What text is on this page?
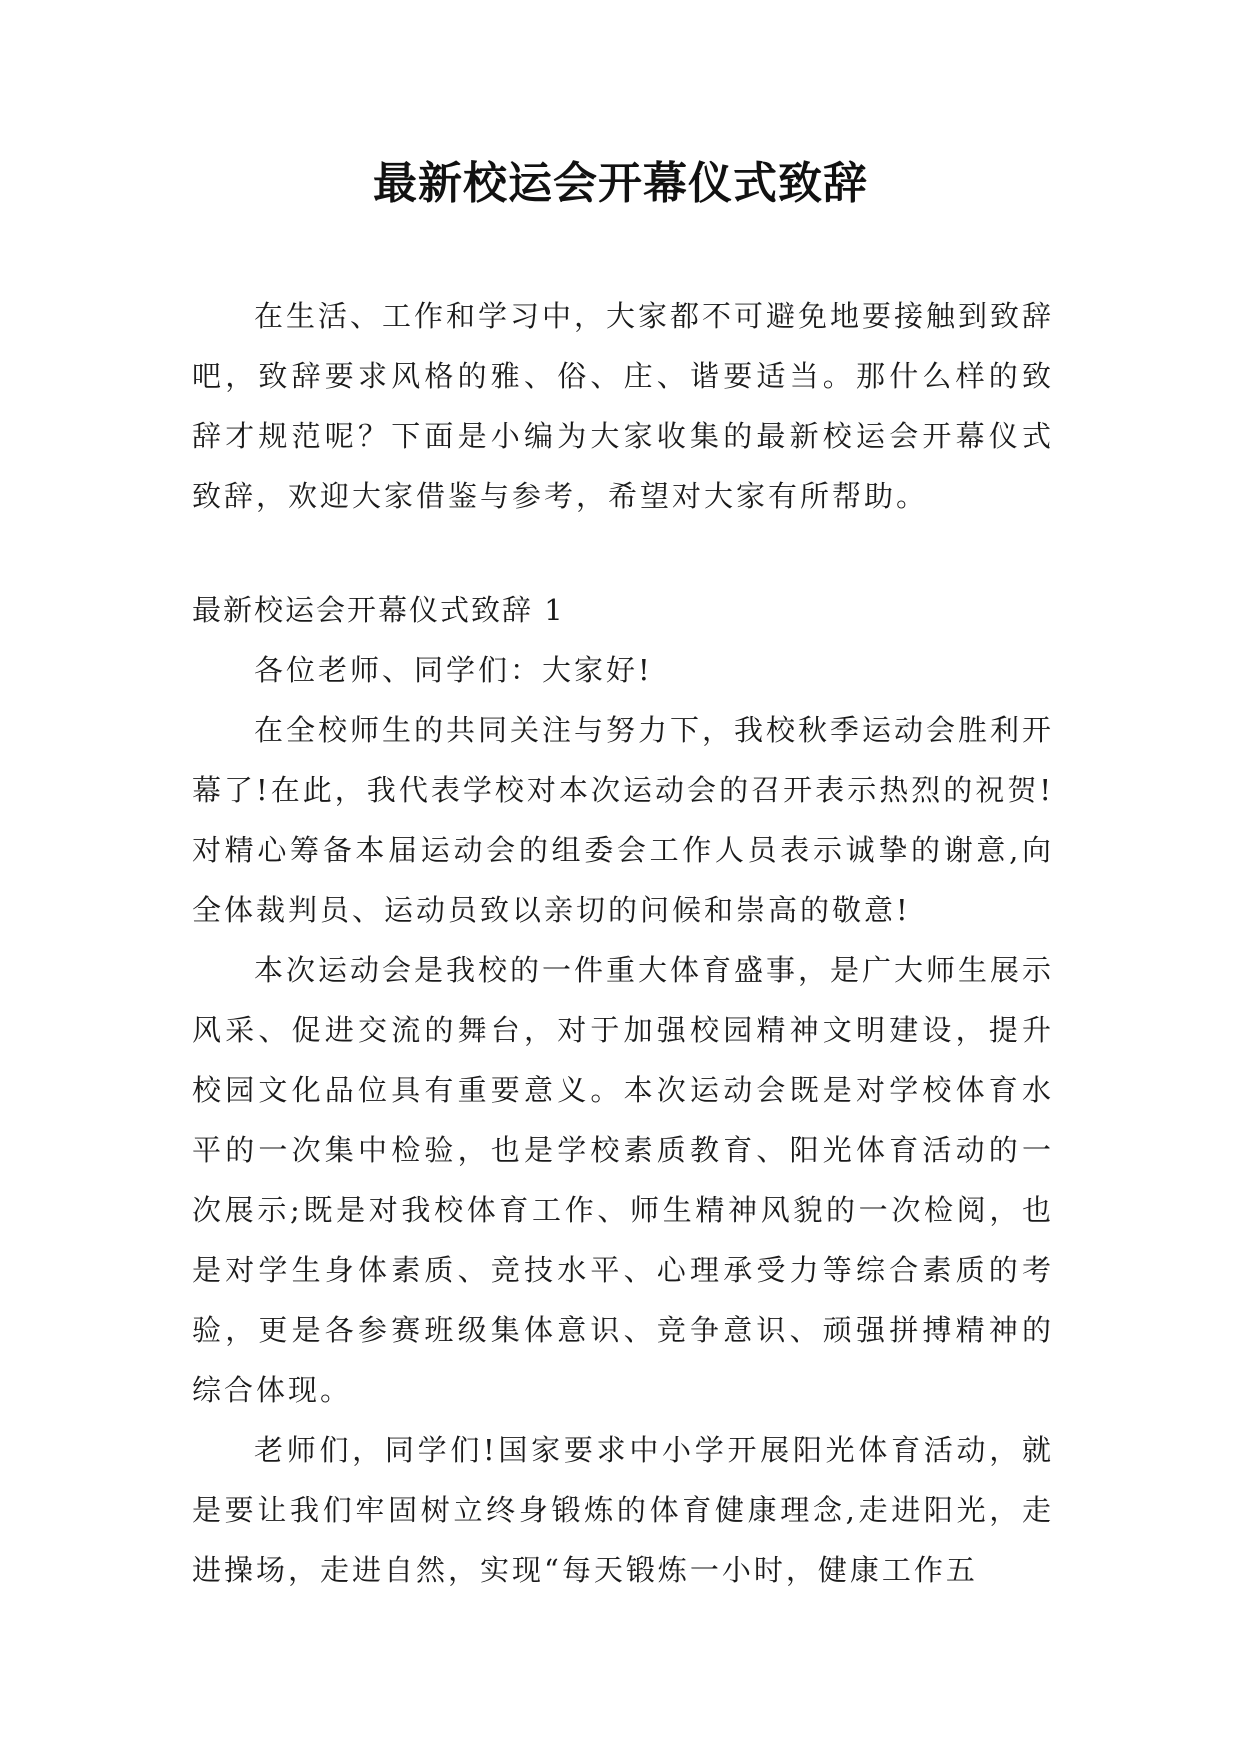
最新校运会开幕仪式致辞

在生活、工作和学习中，大家都不可避免地要接触到致辞吧，致辞要求风格的雅、俗、庄、谐要适当。那什么样的致辞才规范呢？下面是小编为大家收集的最新校运会开幕仪式致辞，欢迎大家借鉴与参考，希望对大家有所帮助。

最新校运会开幕仪式致辞 1

各位老师、同学们：大家好!

在全校师生的共同关注与努力下，我校秋季运动会胜利开幕了!在此，我代表学校对本次运动会的召开表示热烈的祝贺!对精心筹备本届运动会的组委会工作人员表示诚挚的谢意,向全体裁判员、运动员致以亲切的问候和崇高的敬意!

本次运动会是我校的一件重大体育盛事，是广大师生展示风采、促进交流的舞台，对于加强校园精神文明建设，提升校园文化品位具有重要意义。本次运动会既是对学校体育水平的一次集中检验，也是学校素质教育、阳光体育活动的一次展示;既是对我校体育工作、师生精神风貌的一次检阅，也是对学生身体素质、竞技水平、心理承受力等综合素质的考验，更是各参赛班级集体意识、竞争意识、顽强拼搏精神的综合体现。

老师们，同学们!国家要求中小学开展阳光体育活动，就是要让我们牢固树立终身锻炼的体育健康理念,走进阳光，走进操场，走进自然，实现“每天锻炼一小时，健康工作五
